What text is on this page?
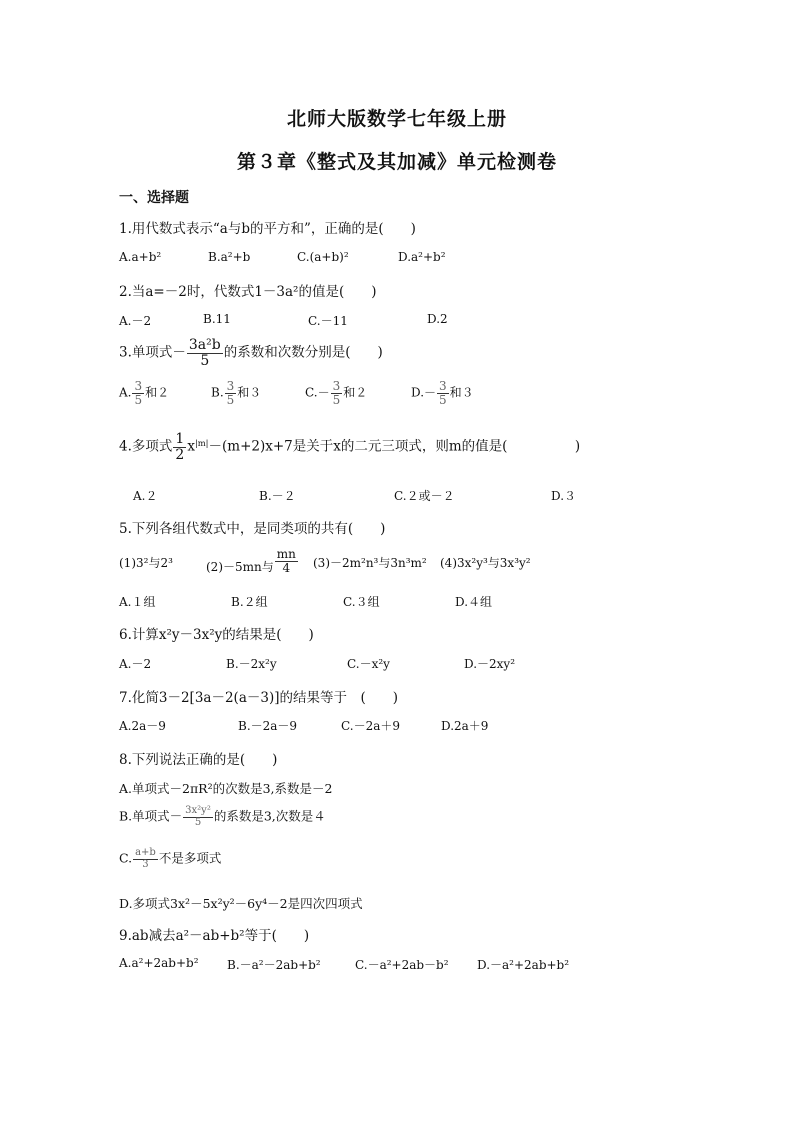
北师大版数学七年级上册
第３章《整式及其加减》单元检测卷
一、选择题
1.用代数式表示“a与b的平方和”，正确的是(　　)
A.a+b²	B.a²+b	C.(a+b)²	D.a²+b²
2.当a=－2时，代数式1－3a²的值是(　　)
A.－2	B.11	C.－11	D.2
3.单项式－ $\frac{\text{3a²b}}{5}$ 的系数和次数分别是(　　)
A. $\frac{3}{5}$ 和２	B. $\frac{3}{5}$ 和３	$C.- \frac{3}{5}$ 和２	$D.- \frac{3}{5}$ 和３
4.多项式 $\frac{1}{2} x^{|m|}-(m+2)x+7$是关于x的二元三项式，则m的值是(　　　　　)
A.２	B.－２	C.２或－２	D.３
5.下列各组代数式中，是同类项的共有(　　)
(1)3²与2³	(2)－5mn与 $\frac{mn}{4} (3)-2m^2n^3$与3n³m² (4)3x²y³与3x³y²
A.１组	B.２组	C.３组	D.４组
6.计算x²y－3x²y的结果是(　　)
A.－2	B.－2x²y	C.－x²y	D.－2xy²
7.化简3－2[3a－2(a－3)]的结果等于　(　　)
A.2a－9	B.－2a－9	C.－2a＋9	D.2a＋9
8.下列说法正确的是(　　)
A.单项式－2πR²的次数是3,系数是－2
B.单项式－ $\frac{\text{3x²y²}}{5}$ 的系数是3,次数是４
C. $\frac{a+b}{3}$ 不是多项式
D.多项式3x²－5x²y²－6y⁴－2是四次四项式
9.ab减去a²－ab+b²等于(　　)
A.a²+2ab+b² B.－a²－2ab+b²	C.－a²+2ab－b² D.－a²+2ab+b²
